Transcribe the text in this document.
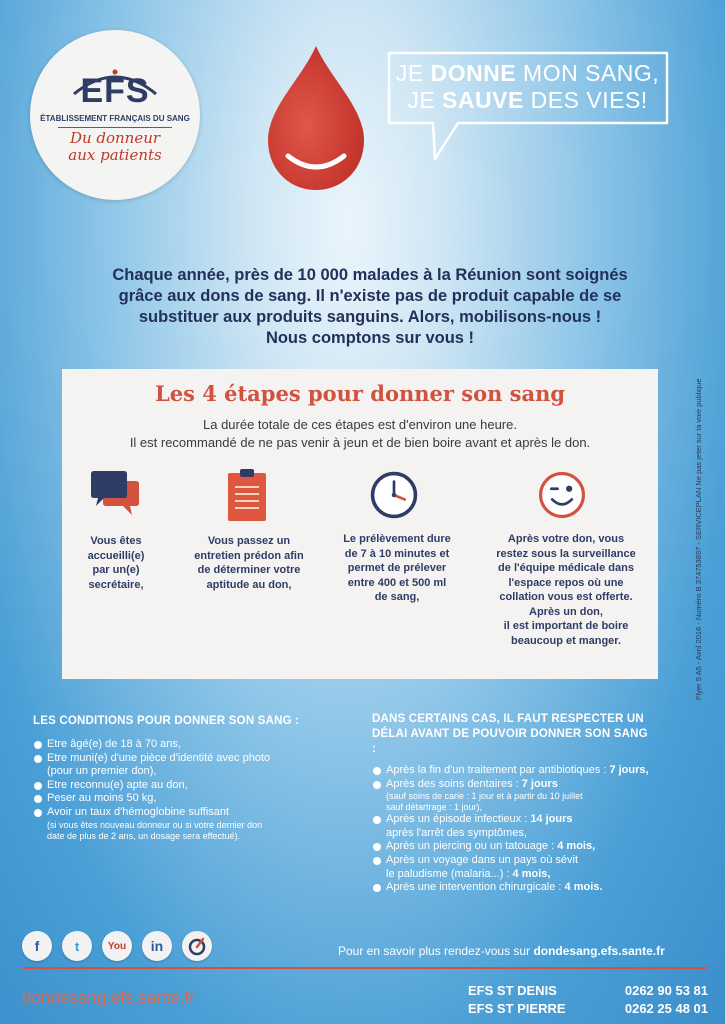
EFS
ÉTABLISSEMENT FRANÇAIS DU SANG
Du donneur
aux patients
JE DONNE MON SANG,
JE SAUVE DES VIES!
Chaque année, près de 10 000 malades à la Réunion sont soignés
grâce aux dons de sang. Il n'existe pas de produit capable de se
substituer aux produits sanguins. Alors, mobilisons-nous !
Nous comptons sur vous !
Flyer 5 A5 - Avril 2016 - Numéro B 374753897 - SERVICEPLAN Ne pas jeter sur la voie publique
Les 4 étapes pour donner son sang
La durée totale de ces étapes est d'environ une heure.
Il est recommandé de ne pas venir à jeun et de bien boire avant et après le don.
Vous êtes
accueilli(e)
par un(e)
secrétaire,
Vous passez un
entretien prédon afin
de déterminer votre
aptitude au don,
Le prélèvement dure
de 7 à 10 minutes et
permet de prélever
entre 400 et 500 ml
de sang,
Après votre don, vous
restez sous la surveillance
de l'équipe médicale dans
l'espace repos où une
collation vous est offerte.
Après un don,
il est important de boire
beaucoup et manger.
LES CONDITIONS POUR DONNER SON SANG :
Etre âgé(e) de 18 à 70 ans,
Etre muni(e) d'une pièce d'identité avec photo
(pour un premier don),
Etre reconnu(e) apte au don,
Peser au moins 50 kg,
Avoir un taux d'hémoglobine suffisant
(si vous êtes nouveau donneur ou si votre dernier don
date de plus de 2 ans, un dosage sera effectué).
DANS CERTAINS CAS, IL FAUT RESPECTER UN
DÉLAI AVANT DE POUVOIR DONNER SON SANG
:
Après la fin d'un traitement par antibiotiques : 7 jours,
Après des soins dentaires : 7 jours
(sauf soins de carie : 1 jour et à partir du 10 juillet
sauf détartrage : 1 jour),
Après un épisode infectieux : 14 jours
après l'arrêt des symptômes,
Après un piercing ou un tatouage : 4 mois,
Après un voyage dans un pays où sévit
le paludisme (malaria...) : 4 mois,
Après une intervention chirurgicale : 4 mois.
f	t	You in	Pour en savoir plus rendez-vous sur dondesang.efs.sante.fr
dondesang.efs.sante.fr	EFS ST DENIS	0262 90 53 81
EFS ST PIERRE	0262 25 48 01
